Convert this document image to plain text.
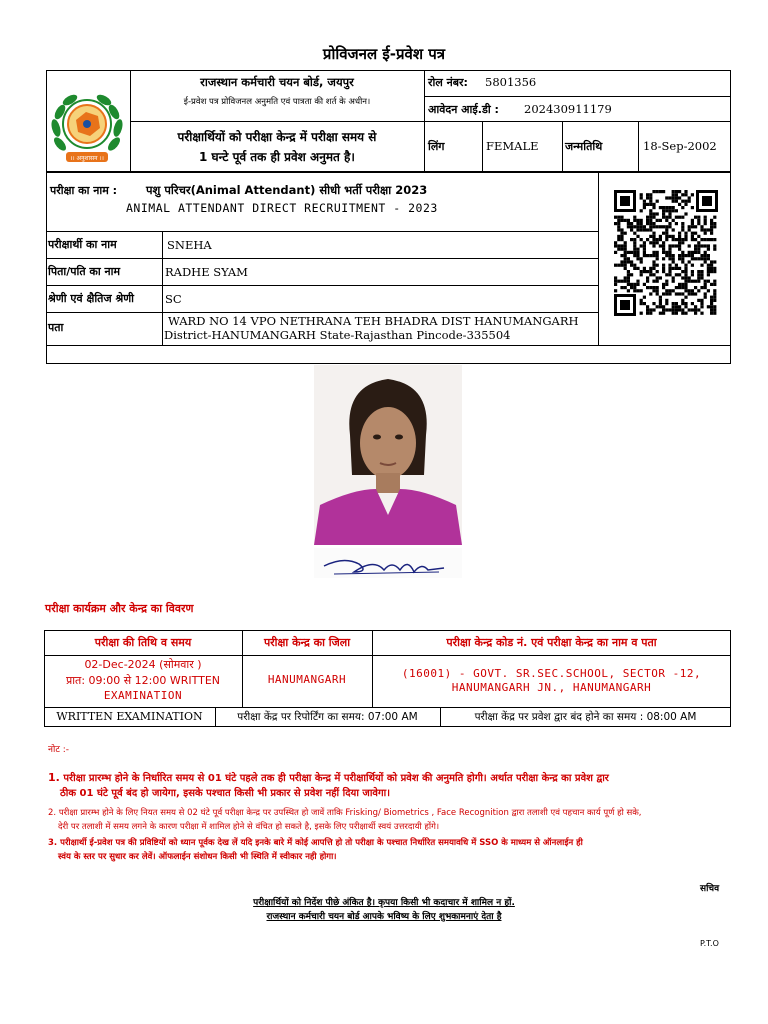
प्रोविजनल ई-प्रवेश पत्र
।। अनुशासन ।।
राजस्थान कर्मचारी चयन बोर्ड, जयपुर
ई-प्रवेश पत्र प्रोविजनल अनुमति एवं पात्रता की शर्त के अधीन।
परीक्षार्थियों को परीक्षा केन्द्र में परीक्षा समय से
1 घन्टे पूर्व तक ही प्रवेश अनुमत है।
रोल नंबर: 5801356
आवेदन आई.डी : 202430911179
लिंग	FEMALE जन्मतिथि	18-Sep-2002
परीक्षा का नाम :	पशु परिचर(Animal Attendant) सीधी भर्ती परीक्षा 2023
ANIMAL ATTENDANT DIRECT RECRUITMENT - 2023
परीक्षार्थी का नाम	SNEHA
पिता/पति का नाम	RADHE SYAM
श्रेणी एवं क्षैतिज श्रेणी	SC
पता	WARD NO 14 VPO NETHRANA TEH BHADRA DIST HANUMANGARH
District-HANUMANGARH State-Rajasthan Pincode-335504
परीक्षा कार्यक्रम और केन्द्र का विवरण
परीक्षा की तिथि व समय	परीक्षा केन्द्र का जिला	परीक्षा केन्द्र कोड नं. एवं परीक्षा केन्द्र का नाम व पता
02-Dec-2024 (सोमवार )
प्रात: 09:00 से 12:00 WRITTEN
EXAMINATION
HANUMANGARH	(16001) - GOVT. SR.SEC.SCHOOL, SECTOR -12,
HANUMANGARH JN., HANUMANGARH
WRITTEN EXAMINATION	परीक्षा केंद्र पर रिपोर्टिंग का समय: 07:00 AM	परीक्षा केंद्र पर प्रवेश द्वार बंद होने का समय : 08:00 AM
नोट :-
1. परीक्षा प्रारम्भ होने के निर्धारित समय से 01 घंटे पहले तक ही परीक्षा केन्द्र में परीक्षार्थियों को प्रवेश की अनुमति होगी। अर्थात परीक्षा केन्द्र का प्रवेश द्वार
ठीक 01 घंटे पूर्व बंद हो जायेगा, इसके पश्चात किसी भी प्रकार से प्रवेश नहीं दिया जावेगा।
2. परीक्षा प्रारम्भ होने के लिए नियत समय से 02 घंटे पूर्व परीक्षा केन्द्र पर उपस्थित हो जावें ताकि Frisking/ Biometrics , Face Recognition द्वारा तलाशी एवं पहचान कार्य पूर्ण हो सके,
देरी पर तलाशी में समय लगने के कारण परीक्षा में शामिल होने से वंचित हो सकते है, इसके लिए परीक्षार्थी स्वयं उत्तरदायी होंगे।
3. परीक्षार्थी ई-प्रवेश पत्र की प्रविष्टियों को ध्यान पूर्वक देख लें यदि इनके बारे में कोई आपत्ति हो तो परीक्षा के पश्चात निर्धारित समयावधि में SSO के माध्यम से ऑनलाईन ही
स्वंय के स्तर पर सुधार कर लेवें। ऑफलाईन संशोधन किसी भी स्थिति में स्वीकार नही होगा।
सचिव
परीक्षार्थियों को निर्देश पीछे अंकित है। कृपया किसी भी कदाचार में शामिल न हों.
राजस्थान कर्मचारी चयन बोर्ड आपके भविष्य के लिए शुभकामनाएं देता है
P.T.O
